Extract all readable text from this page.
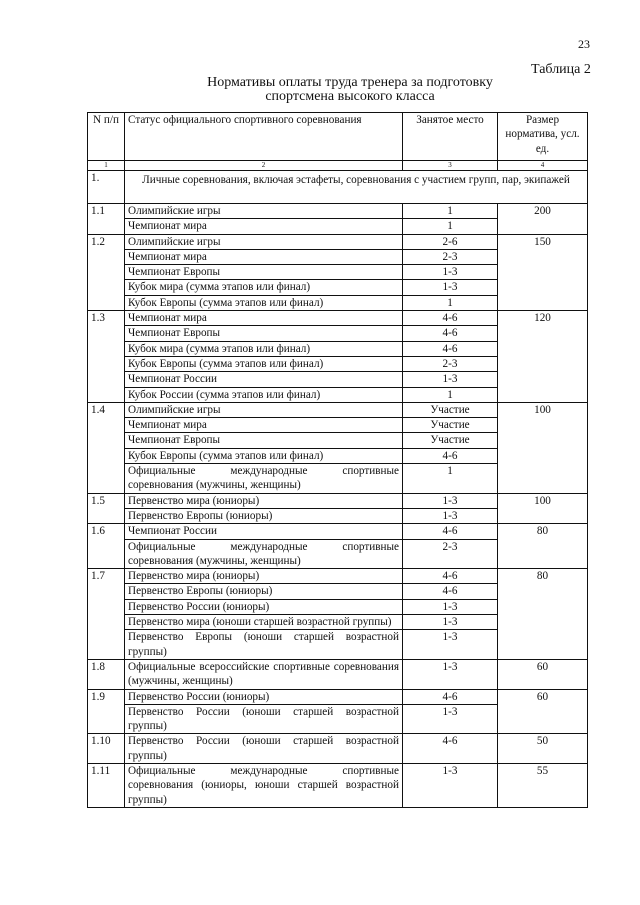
23
Таблица 2
Нормативы оплаты труда тренера за подготовку
спортсмена высокого класса
N п/п	Статус официального спортивного соревнования	Занятое место	Размер норматива, усл. ед.
1	2	3	4
1.	Личные соревнования, включая эстафеты, соревнования с участием групп, пар, экипажей		
1.1	Олимпийские игры	1	200
	Чемпионат мира	1	
1.2	Олимпийские игры	2-6	150
	Чемпионат мира	2-3	
	Чемпионат Европы	1-3	
	Кубок мира (сумма этапов или финал)	1-3	
	Кубок Европы (сумма этапов или финал)	1	
1.3	Чемпионат мира	4-6	120
	Чемпионат Европы	4-6	
	Кубок мира (сумма этапов или финал)	4-6	
	Кубок Европы (сумма этапов или финал)	2-3	
	Чемпионат России	1-3	
	Кубок России (сумма этапов или финал)	1	
1.4	Олимпийские игры	Участие	100
	Чемпионат мира	Участие	
	Чемпионат Европы	Участие	
	Кубок Европы (сумма этапов или финал)	4-6	
	Официальные международные спортивные соревнования (мужчины, женщины)	1	
1.5	Первенство мира (юниоры)	1-3	100
	Первенство Европы (юниоры)	1-3	
1.6	Чемпионат России	4-6	80
	Официальные международные спортивные соревнования (мужчины, женщины)	2-3	
1.7	Первенство мира (юниоры)	4-6	80
	Первенство Европы (юниоры)	4-6	
	Первенство России (юниоры)	1-3	
	Первенство мира (юноши старшей возрастной группы)	1-3	
	Первенство Европы (юноши старшей возрастной группы)	1-3	
1.8	Официальные всероссийские спортивные соревнования (мужчины, женщины)	1-3	60
1.9	Первенство России (юниоры)	4-6	60
	Первенство России (юноши старшей возрастной группы)	1-3	
1.10	Первенство России (юноши старшей возрастной группы)	4-6	50
1.11	Официальные международные спортивные соревнования (юниоры, юноши старшей возрастной группы)	1-3	55
